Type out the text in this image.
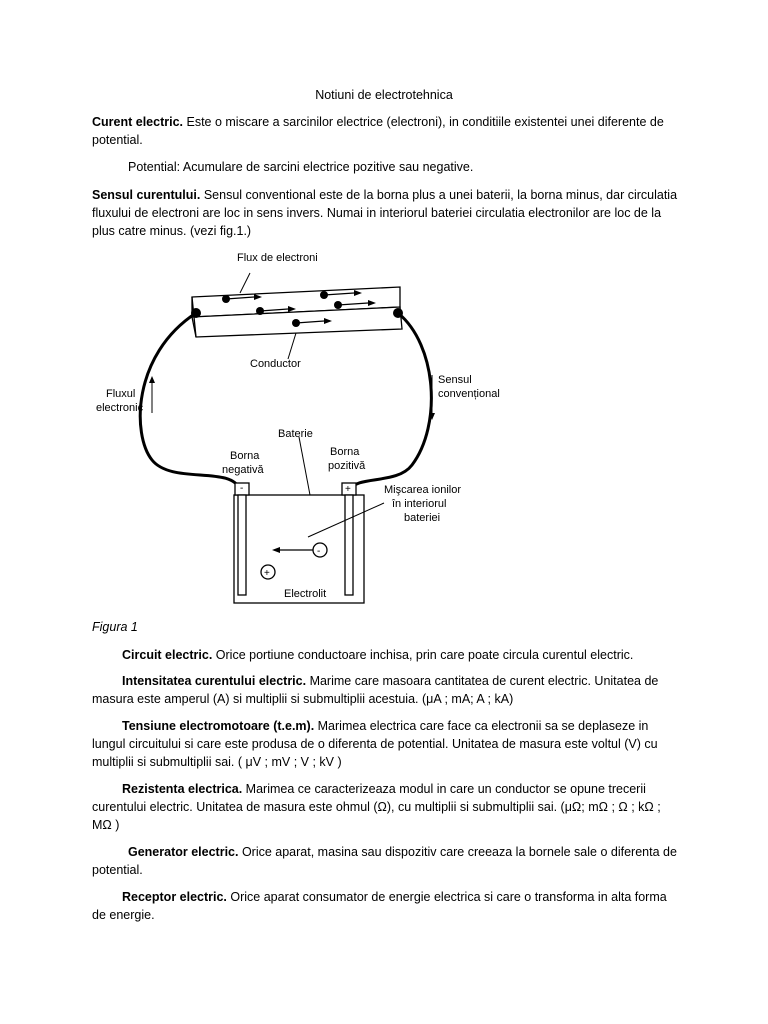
Notiuni de electrotehnica
Curent electric. Este o miscare a sarcinilor electrice (electroni), in conditiile existentei unei diferente de potential.
Potential: Acumulare de sarcini electrice pozitive sau negative.
Sensul curentului. Sensul conventional este de la borna plus a unei baterii, la borna minus, dar circulatia fluxului de electroni are loc in sens invers. Numai in interiorul bateriei circulatia electronilor are loc de la plus catre minus. (vezi fig.1.)
Flux de electroni
Conductor
Fluxul
electronic
Sensul
convențional
Baterie
Borna
negativă
Borna
pozitivă
Mişcarea ionilor
în interiorul
bateriei
Electrolit
-	+
-
+
Figura 1
Circuit electric. Orice portiune conductoare inchisa, prin care poate circula curentul electric.
Intensitatea curentului electric. Marime care masoara cantitatea de curent electric. Unitatea de masura este amperul (A) si multiplii si submultiplii acestuia. (μA ; mA; A ; kA)
Tensiune electromotoare (t.e.m). Marimea electrica care face ca electronii sa se deplaseze in lungul circuitului si care este produsa de o diferenta de potential. Unitatea de masura este voltul (V) cu multiplii si submultiplii sai. ( μV ; mV ; V ; kV )
Rezistenta electrica. Marimea ce caracterizeaza modul in care un conductor se opune trecerii curentului electric. Unitatea de masura este ohmul (Ω), cu multiplii si submultiplii sai. (μΩ; mΩ ; Ω ; kΩ ; MΩ )
Generator electric. Orice aparat, masina sau dispozitiv care creeaza la bornele sale o diferenta de potential.
Receptor electric. Orice aparat consumator de energie electrica si care o transforma in alta forma de energie.
